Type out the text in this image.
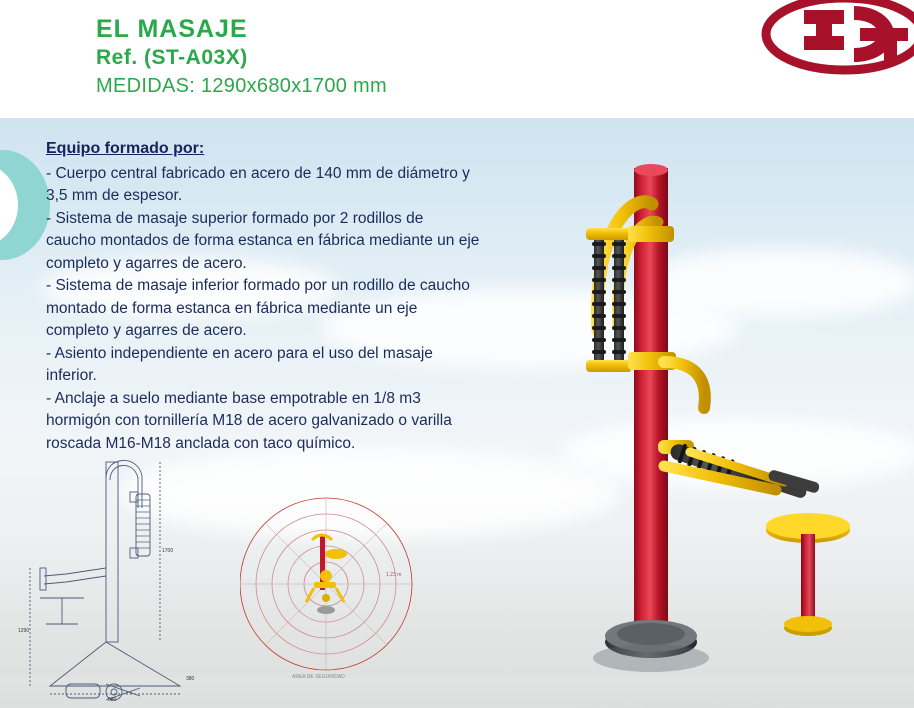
EL MASAJE
Ref. (ST-A03X)
MEDIDAS: 1290x680x1700 mm
Equipo formado por:
- Cuerpo central fabricado en acero de 140 mm de diámetro y
3,5 mm de espesor.
- Sistema de masaje superior formado por 2 rodillos de
caucho montados de forma estanca en fábrica mediante un eje
completo y agarres de acero.
- Sistema de masaje inferior formado por un rodillo de caucho
montado de forma estanca en fábrica mediante un eje
completo y agarres de acero.
- Asiento independiente en acero para el uso del masaje
inferior.
- Anclaje a suelo mediante base empotrable en 1/8 m3
hormigón con tornillería M18 de acero galvanizado o varilla
roscada M16-M18 anclada con taco químico.
1700
1290
680
380	AREA DE SEGURIDAD
1,23 m
